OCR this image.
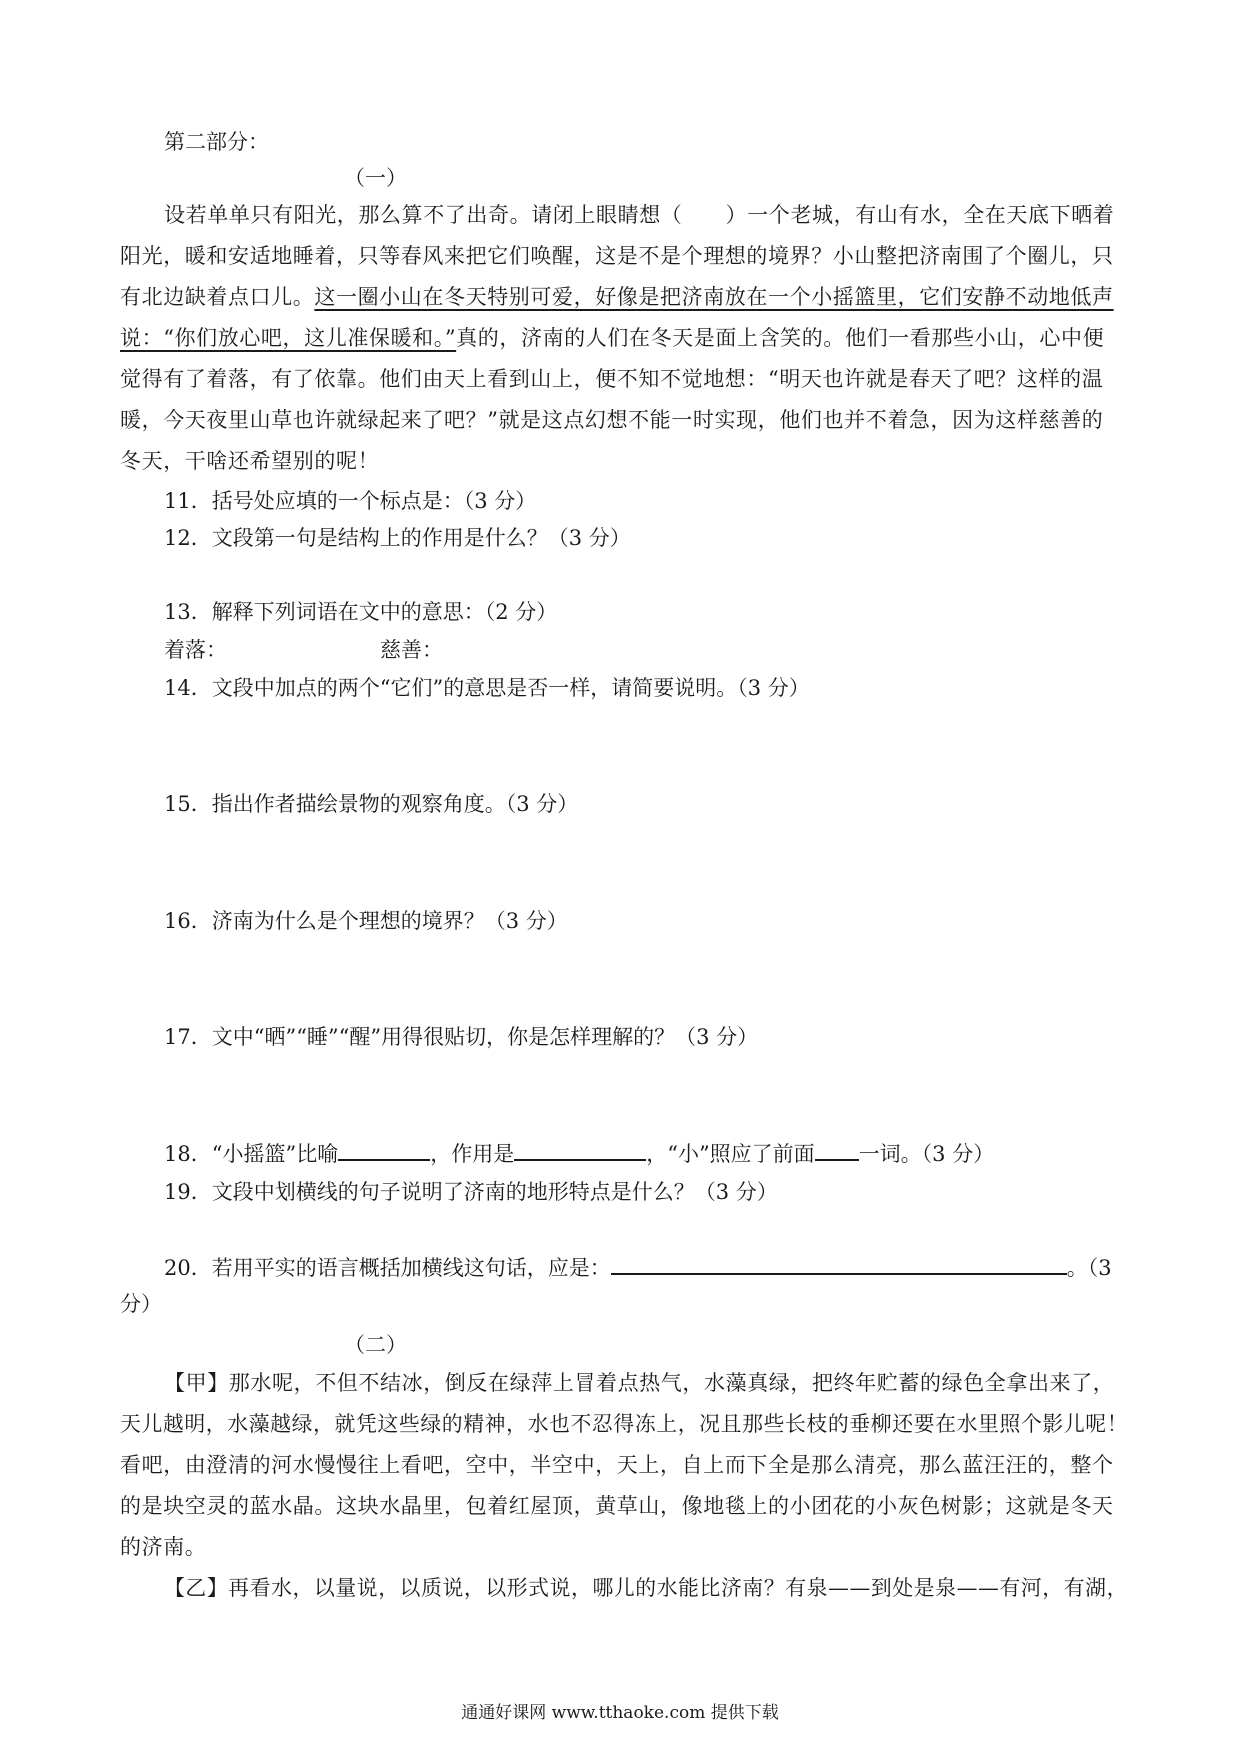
第二部分：
（一）
设若单单只有阳光，那么算不了出奇。请闭上眼睛想（　　）一个老城，有山有水，全在天底下晒着
阳光，暖和安适地睡着，只等春风来把它们唤醒，这是不是个理想的境界？小山整把济南围了个圈儿，只
有北边缺着点口儿。这一圈小山在冬天特别可爱，好像是把济南放在一个小摇篮里，它们安静不动地低声
说：“你们放心吧，这儿准保暖和。”真的，济南的人们在冬天是面上含笑的。他们一看那些小山，心中便
觉得有了着落，有了依靠。他们由天上看到山上，便不知不觉地想：“明天也许就是春天了吧？这样的温
暖，今天夜里山草也许就绿起来了吧？”就是这点幻想不能一时实现，他们也并不着急，因为这样慈善的
冬天，干啥还希望别的呢！
11．括号处应填的一个标点是：（3 分）
12．文段第一句是结构上的作用是什么？（3 分）
13．解释下列词语在文中的意思：（2 分）
着落：	慈善：
14．文段中加点的两个“它们”的意思是否一样，请简要说明。（3 分）
15．指出作者描绘景物的观察角度。（3 分）
16．济南为什么是个理想的境界？（3 分）
17．文中“晒”“睡”“醒”用得很贴切，你是怎样理解的？（3 分）
18．“小摇篮”比喻	，作用是	，“小”照应了前面 一词。（3 分）
19．文段中划横线的句子说明了济南的地形特点是什么？（3 分）
20．若用平实的语言概括加横线这句话，应是：	。（3
分）
（二）
【甲】那水呢，不但不结冰，倒反在绿萍上冒着点热气，水藻真绿，把终年贮蓄的绿色全拿出来了，
天儿越明，水藻越绿，就凭这些绿的精神，水也不忍得冻上，况且那些长枝的垂柳还要在水里照个影儿呢！
看吧，由澄清的河水慢慢往上看吧，空中，半空中，天上，自上而下全是那么清亮，那么蓝汪汪的，整个
的是块空灵的蓝水晶。这块水晶里，包着红屋顶，黄草山，像地毯上的小团花的小灰色树影；这就是冬天
的济南。
【乙】再看水，以量说，以质说，以形式说，哪儿的水能比济南？有泉——到处是泉——有河，有湖，
通通好课网 www.tthaoke.com 提供下载
